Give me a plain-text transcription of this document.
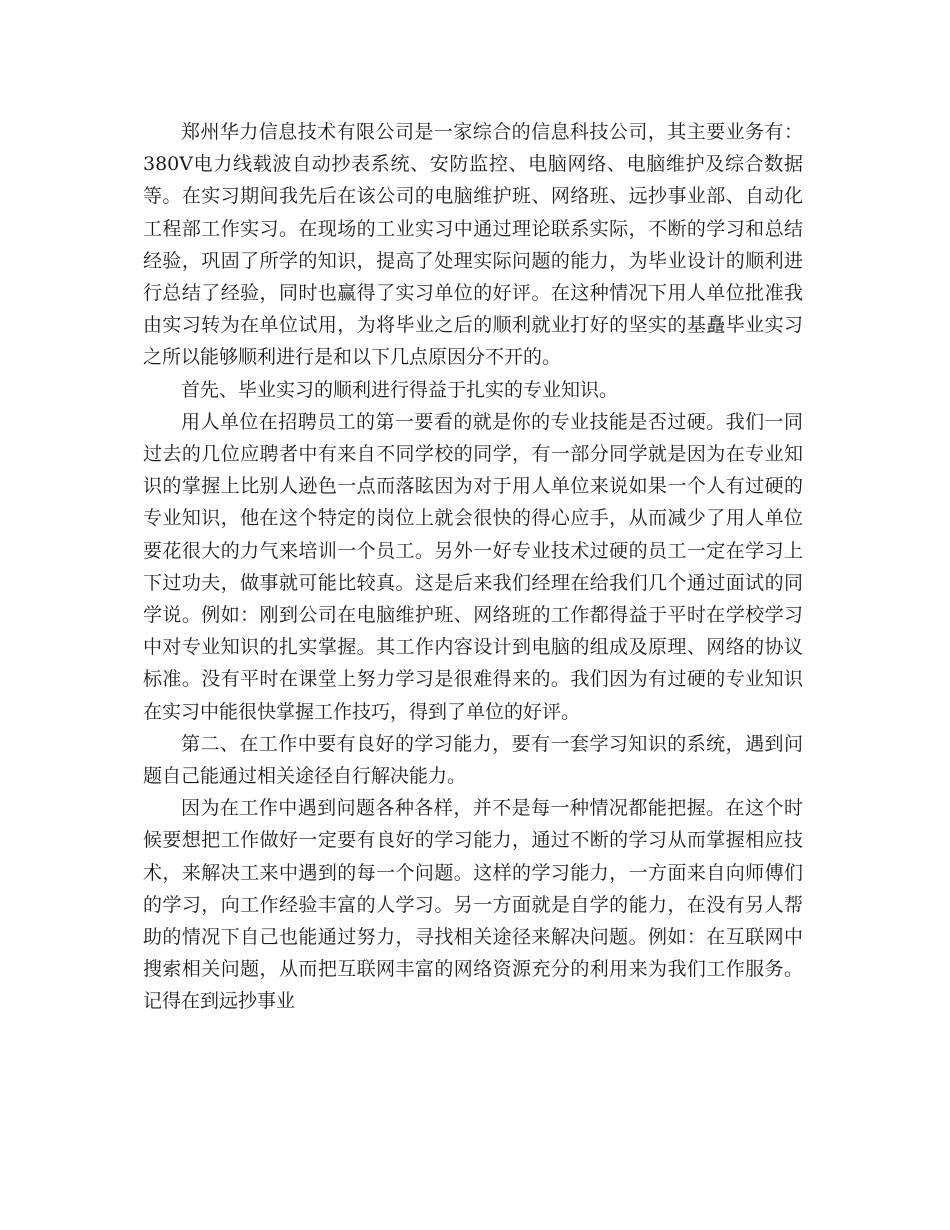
郑州华力信息技术有限公司是一家综合的信息科技公司，其主要业务有：380V电力线载波自动抄表系统、安防监控、电脑网络、电脑维护及综合数据等。在实习期间我先后在该公司的电脑维护班、网络班、远抄事业部、自动化工程部工作实习。在现场的工业实习中通过理论联系实际，不断的学习和总结经验，巩固了所学的知识，提高了处理实际问题的能力，为毕业设计的顺利进行总结了经验，同时也赢得了实习单位的好评。在这种情况下用人单位批准我由实习转为在单位试用，为将毕业之后的顺利就业打好的坚实的基矗毕业实习之所以能够顺利进行是和以下几点原因分不开的。

首先、毕业实习的顺利进行得益于扎实的专业知识。

用人单位在招聘员工的第一要看的就是你的专业技能是否过硬。我们一同过去的几位应聘者中有来自不同学校的同学，有一部分同学就是因为在专业知识的掌握上比别人逊色一点而落眩因为对于用人单位来说如果一个人有过硬的专业知识，他在这个特定的岗位上就会很快的得心应手，从而减少了用人单位要花很大的力气来培训一个员工。另外一好专业技术过硬的员工一定在学习上下过功夫，做事就可能比较真。这是后来我们经理在给我们几个通过面试的同学说。例如：刚到公司在电脑维护班、网络班的工作都得益于平时在学校学习中对专业知识的扎实掌握。其工作内容设计到电脑的组成及原理、网络的协议标准。没有平时在课堂上努力学习是很难得来的。我们因为有过硬的专业知识在实习中能很快掌握工作技巧，得到了单位的好评。

第二、在工作中要有良好的学习能力，要有一套学习知识的系统，遇到问题自己能通过相关途径自行解决能力。

因为在工作中遇到问题各种各样，并不是每一种情况都能把握。在这个时候要想把工作做好一定要有良好的学习能力，通过不断的学习从而掌握相应技术，来解决工来中遇到的每一个问题。这样的学习能力，一方面来自向师傅们的学习，向工作经验丰富的人学习。另一方面就是自学的能力，在没有另人帮助的情况下自己也能通过努力，寻找相关途径来解决问题。例如：在互联网中搜索相关问题，从而把互联网丰富的网络资源充分的利用来为我们工作服务。记得在到远抄事业
